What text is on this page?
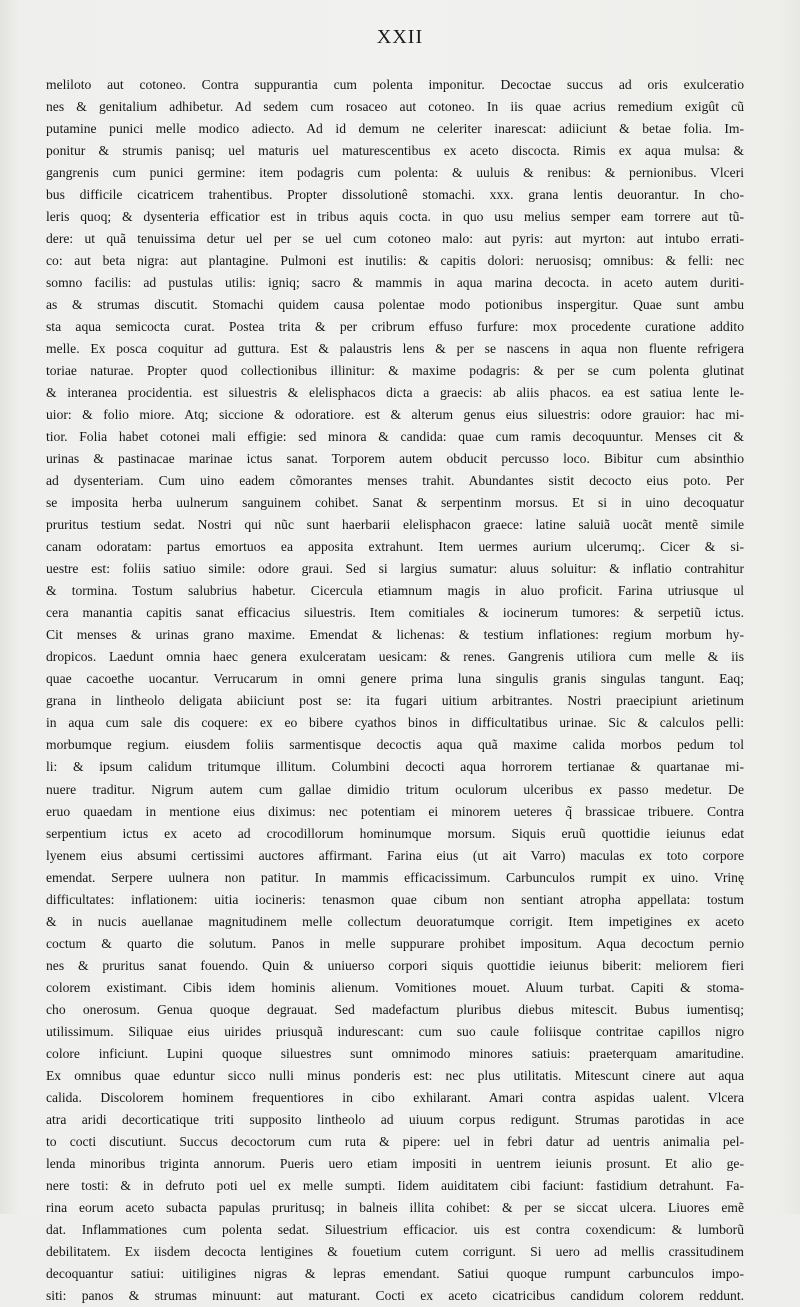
XXII
meliloto aut cotoneo. Contra suppurantia cum polenta imponitur. Decoctae succus ad oris exulceratio
nes & genitalium adhibetur. Ad sedem cum rosaceo aut cotoneo. In iis quae acrius remedium exigût cũ
putamine punici melle modico adiecto. Ad id demum ne celeriter inarescat: adiiciunt & betae folia. Im-
ponitur & strumis panisq; uel maturis uel maturescentibus ex aceto discocta. Rimis ex aqua mulsa: &
gangrenis cum punici germine: item podagris cum polenta: & uuluis & renibus: & pernionibus. Vlceri
bus difficile cicatricem trahentibus. Propter dissolutionê stomachi. xxx. grana lentis deuorantur. In cho-
leris quoq; & dysenteria efficatior est in tribus aquis cocta. in quo usu melius semper eam torrere aut tũ-
dere: ut quã tenuissima detur uel per se uel cum cotoneo malo: aut pyris: aut myrton: aut intubo errati-
co: aut beta nigra: aut plantagine. Pulmoni est inutilis: & capitis dolori: neruosisq; omnibus: & felli: nec
somno facilis: ad pustulas utilis: igniq; sacro & mammis in aqua marina decocta. in aceto autem duriti-
as & strumas discutit. Stomachi quidem causa polentae modo potionibus inspergitur. Quae sunt ambu
sta aqua semicocta curat. Postea trita & per cribrum effuso furfure: mox procedente curatione addito
melle. Ex posca coquitur ad guttura. Est & palaustris lens & per se nascens in aqua non fluente refrigera
toriae naturae. Propter quod collectionibus illinitur: & maxime podagris: & per se cum polenta glutinat
& interanea procidentia. est siluestris & elelisphacos dicta a graecis: ab aliis phacos. ea est satiua lente le-
uior: & folio miore. Atq; siccione & odoratiore. est & alterum genus eius siluestris: odore grauior: hac mi-
tior. Folia habet cotonei mali effigie: sed minora & candida: quae cum ramis decoquuntur. Menses cit &
urinas & pastinacae marinae ictus sanat. Torporem autem obducit percusso loco. Bibitur cum absinthio
ad dysenteriam. Cum uino eadem cõmorantes menses trahit. Abundantes sistit decocto eius poto. Per
se imposita herba uulnerum sanguinem cohibet. Sanat & serpentinm morsus. Et si in uino decoquatur
pruritus testium sedat. Nostri qui nũc sunt haerbarii elelisphacon graece: latine saluiã uocãt mentẽ simile
canam odoratam: partus emortuos ea apposita extrahunt. Item uermes aurium ulcerumq;. Cicer & si-
uestre est: foliis satiuo simile: odore graui. Sed si largius sumatur: aluus soluitur: & inflatio contrahitur
& tormina. Tostum salubrius habetur. Cicercula etiamnum magis in aluo proficit. Farina utriusque ul
cera manantia capitis sanat efficacius siluestris. Item comitiales & iocinerum tumores: & serpetiũ ictus.
Cit menses & urinas grano maxime. Emendat & lichenas: & testium inflationes: regium morbum hy-
dropicos. Laedunt omnia haec genera exulceratam uesicam: & renes. Gangrenis utiliora cum melle & iis
quae cacoethe uocantur. Verrucarum in omni genere prima luna singulis granis singulas tangunt. Eaq;
grana in lintheolo deligata abiiciunt post se: ita fugari uitium arbitrantes. Nostri praecipiunt arietinum
in aqua cum sale dis coquere: ex eo bibere cyathos binos in difficultatibus urinae. Sic & calculos pelli:
morbumque regium. eiusdem foliis sarmentisque decoctis aqua quã maxime calida morbos pedum tol
li: & ipsum calidum tritumque illitum. Columbini decocti aqua horrorem tertianae & quartanae mi-
nuere traditur. Nigrum autem cum gallae dimidio tritum oculorum ulceribus ex passo medetur. De
eruo quaedam in mentione eius diximus: nec potentiam ei minorem ueteres q̃ brassicae tribuere. Contra
serpentium ictus ex aceto ad crocodillorum hominumque morsum. Siquis eruũ quottidie ieiunus edat
lyenem eius absumi certissimi auctores affirmant. Farina eius (ut ait Varro) maculas ex toto corpore
emendat. Serpere uulnera non patitur. In mammis efficacissimum. Carbunculos rumpit ex uino. Vrinę
difficultates: inflationem: uitia iocineris: tenasmon quae cibum non sentiant atropha appellata: tostum
& in nucis auellanae magnitudinem melle collectum deuoratumque corrigit. Item impetigines ex aceto
coctum & quarto die solutum. Panos in melle suppurare prohibet impositum. Aqua decoctum pernio
nes & pruritus sanat fouendo. Quin & uniuerso corpori siquis quottidie ieiunus biberit: meliorem fieri
colorem existimant. Cibis idem hominis alienum. Vomitiones mouet. Aluum turbat. Capiti & stoma-
cho onerosum. Genua quoque degrauat. Sed madefactum pluribus diebus mitescit. Bubus iumentisq;
utilissimum. Siliquae eius uirides priusquã indurescant: cum suo caule foliisque contritae capillos nigro
colore inficiunt. Lupini quoque siluestres sunt omnimodo minores satiuis: praeterquam amaritudine.
Ex omnibus quae eduntur sicco nulli minus ponderis est: nec plus utilitatis. Mitescunt cinere aut aqua
calida. Discolorem hominem frequentiores in cibo exhilarant. Amari contra aspidas ualent. Vlcera
atra aridi decorticatique triti supposito lintheolo ad uiuum corpus redigunt. Strumas parotidas in ace
to cocti discutiunt. Succus decoctorum cum ruta & pipere: uel in febri datur ad uentris animalia pel-
lenda minoribus triginta annorum. Pueris uero etiam impositi in uentrem ieiunis prosunt. Et alio ge-
nere tosti: & in defruto poti uel ex melle sumpti. Iidem auiditatem cibi faciunt: fastidium detrahunt. Fa-
rina eorum aceto subacta papulas pruritusq; in balneis illita cohibet: & per se siccat ulcera. Liuores emẽ
dat. Inflammationes cum polenta sedat. Siluestrium efficacior. uis est contra coxendicum: & lumborũ
debilitatem. Ex iisdem decocta lentigines & fouetium cutem corrigunt. Si uero ad mellis crassitudinem
decoquantur satiui: uitiligines nigras & lepras emendant. Satiui quoque rumpunt carbunculos impo-
siti: panos & strumas minuunt: aut maturant. Cocti ex aceto cicatricibus candidum colorem reddunt.
